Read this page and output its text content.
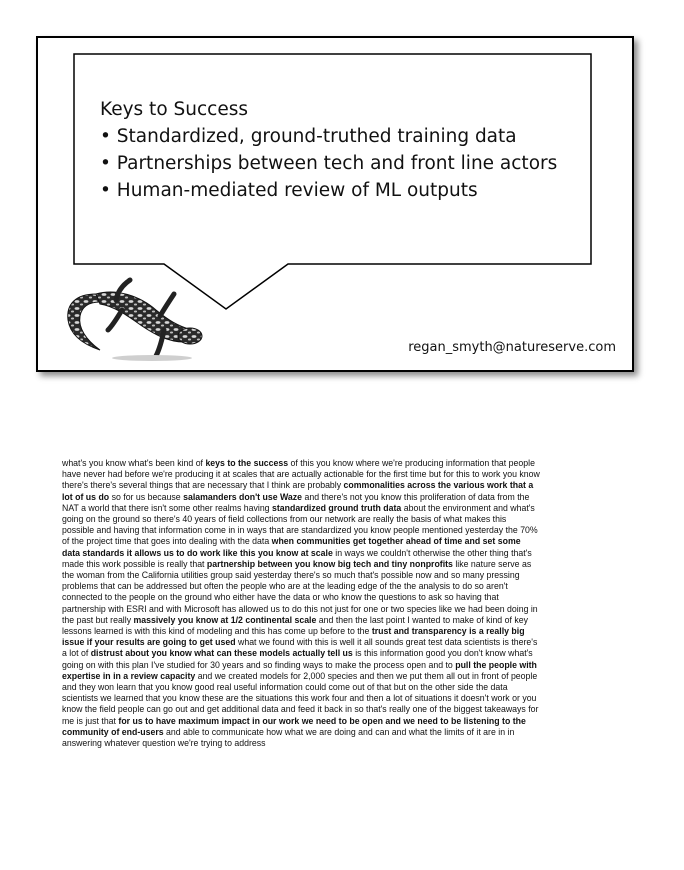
Keys to Success
• Standardized, ground-truthed training data
• Partnerships between tech and front line actors
• Human-mediated review of ML outputs
regan_smyth@natureserve.com
what's you know what's been kind of keys to the success of this you know where we're producing information that people have never had before we're producing it at scales that are actually actionable for the first time but for this to work you know there's there's several things that are necessary that I think are probably commonalities across the various work that a lot of us do so for us because salamanders don't use Waze and there's not you know this proliferation of data from the NAT a world that there isn't some other realms having standardized ground truth data about the environment and what's going on the ground so there's 40 years of field collections from our network are really the basis of what makes this possible and having that information come in in ways that are standardized you know people mentioned yesterday the 70% of the project time that goes into dealing with the data when communities get together ahead of time and set some data standards it allows us to do work like this you know at scale in ways we couldn't otherwise the other thing that's made this work possible is really that partnership between you know big tech and tiny nonprofits like nature serve as the woman from the California utilities group said yesterday there's so much that's possible now and so many pressing problems that can be addressed but often the people who are at the leading edge of the the analysis to do so aren't connected to the people on the ground who either have the data or who know the questions to ask so having that partnership with ESRI and with Microsoft has allowed us to do this not just for one or two species like we had been doing in the past but really massively you know at 1/2 continental scale and then the last point I wanted to make of kind of key lessons learned is with this kind of modeling and this has come up before to the trust and transparency is a really big issue if your results are going to get used what we found with this is well it all sounds great test data scientists is there's a lot of distrust about you know what can these models actually tell us is this information good you don't know what's going on with this plan I've studied for 30 years and so finding ways to make the process open and to pull the people with expertise in in a review capacity and we created models for 2,000 species and then we put them all out in front of people and they won learn that you know good real useful information could come out of that but on the other side the data scientists we learned that you know these are the situations this work four and then a lot of situations it doesn't work or you know the field people can go out and get additional data and feed it back in so that's really one of the biggest takeaways for me is just that for us to have maximum impact in our work we need to be open and we need to be listening to the community of end-users and able to communicate how what we are doing and can and what the limits of it are in in answering whatever question we're trying to address
